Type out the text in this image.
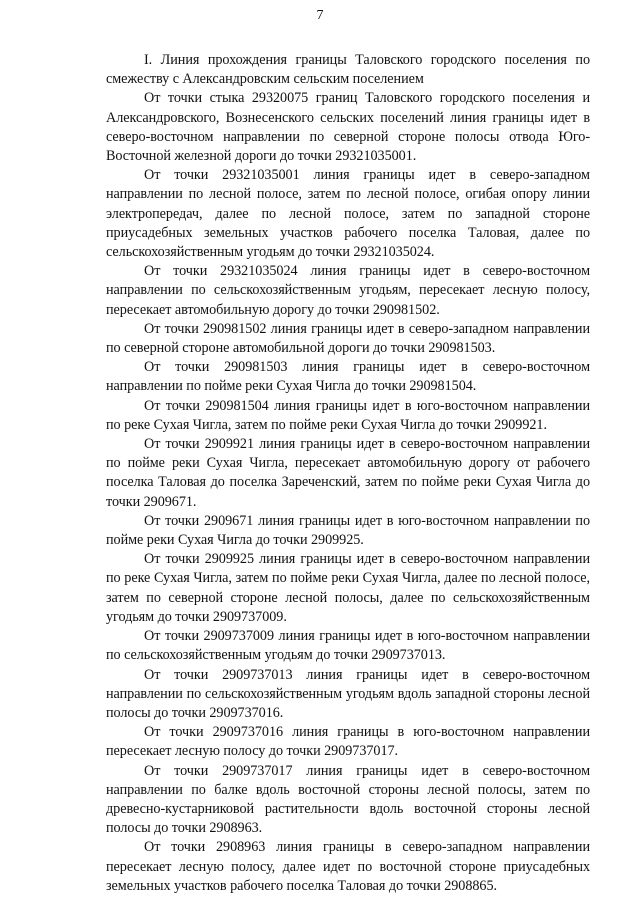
7

I. Линия прохождения границы Таловского городского поселения по смежеству с Александровским сельским поселением

От точки стыка 29320075 границ Таловского городского поселения и Александровского, Вознесенского сельских поселений линия границы идет в северо-восточном направлении по северной стороне полосы отвода Юго-Восточной железной дороги до точки 29321035001.

От точки 29321035001 линия границы идет в северо-западном направлении по лесной полосе, затем по лесной полосе, огибая опору линии электропередач, далее по лесной полосе, затем по западной стороне приусадебных земельных участков рабочего поселка Таловая, далее по сельскохозяйственным угодьям до точки 29321035024.

От точки 29321035024 линия границы идет в северо-восточном направлении по сельскохозяйственным угодьям, пересекает лесную полосу, пересекает автомобильную дорогу до точки 290981502.

От точки 290981502 линия границы идет в северо-западном направлении по северной стороне автомобильной дороги до точки 290981503.

От точки 290981503 линия границы идет в северо-восточном направлении по пойме реки Сухая Чигла до точки 290981504.

От точки 290981504 линия границы идет в юго-восточном направлении по реке Сухая Чигла, затем по пойме реки Сухая Чигла до точки 2909921.

От точки 2909921 линия границы идет в северо-восточном направлении по пойме реки Сухая Чигла, пересекает автомобильную дорогу от рабочего поселка Таловая до поселка Зареченский, затем по пойме реки Сухая Чигла до точки 2909671.

От точки 2909671 линия границы идет в юго-восточном направлении по пойме реки Сухая Чигла до точки 2909925.

От точки 2909925 линия границы идет в северо-восточном направлении по реке Сухая Чигла, затем по пойме реки Сухая Чигла, далее по лесной полосе, затем по северной стороне лесной полосы, далее по сельскохозяйственным угодьям до точки 2909737009.

От точки 2909737009 линия границы идет в юго-восточном направлении по сельскохозяйственным угодьям до точки 2909737013.

От точки 2909737013 линия границы идет в северо-восточном направлении по сельскохозяйственным угодьям вдоль западной стороны лесной полосы до точки 2909737016.

От точки 2909737016 линия границы в юго-восточном направлении пересекает лесную полосу до точки 2909737017.

От точки 2909737017 линия границы идет в северо-восточном направлении по балке вдоль восточной стороны лесной полосы, затем по древесно-кустарниковой растительности вдоль восточной стороны лесной полосы до точки 2908963.

От точки 2908963 линия границы в северо-западном направлении пересекает лесную полосу, далее идет по восточной стороне приусадебных земельных участков рабочего поселка Таловая до точки 2908865.
